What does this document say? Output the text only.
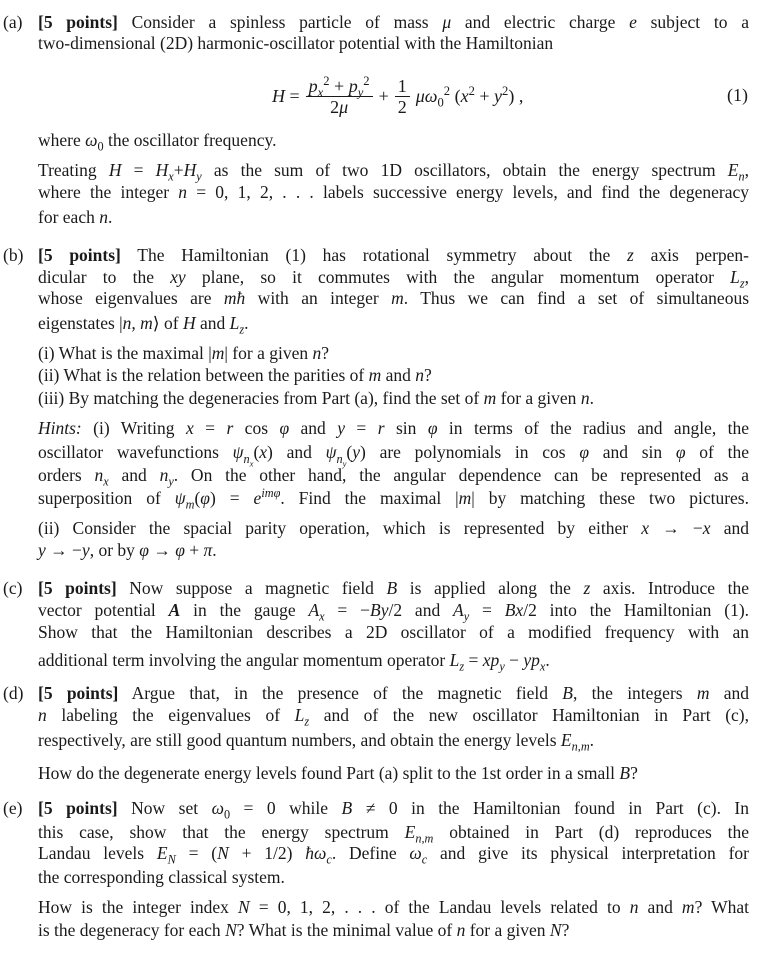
$H = \frac{p_x^2 + p_y^2}{2\mu} + \frac{1}{2} \mu\omega_0^2$ $(x^2 + y^2)$ ,	(1)
(a) [5 points] Consider a spinless particle of mass μ and electric charge e subject to a
two-dimensional (2D) harmonic-oscillator potential with the Hamiltonian
where $\omega_0$ the oscillator frequency.
Treating $H = H_x+H_y$ as the sum of two 1D oscillators, obtain the energy spectrum $E_n$,
where the integer n = 0, 1, 2, . . . labels successive energy levels, and find the degeneracy
for each n.
(b) [5 points] The Hamiltonian (1) has rotational symmetry about the z axis perpen-
dicular to the xy plane, so it commutes with the angular momentum operator $L_z$,
whose eigenvalues are mħ with an integer m. Thus we can find a set of simultaneous
eigenstates |n, m⟩ of H and $L_z$.
(i) What is the maximal |m| for a given n?
(ii) What is the relation between the parities of m and n?
(iii) By matching the degeneracies from Part (a), find the set of m for a given n.
Hints: (i) Writing x = r cos φ and y = r sin φ in terms of the radius and angle, the
oscillator wavefunctions $\psi_{n_x}(x)$ and $\psi_{n_y}(y)$ are polynomials in cos φ and sin φ of the
orders $n_x$ and $n_y$. On the other hand, the angular dependence can be represented as a
superposition of $\psi_m(\varphi) = e^{im\varphi}$. Find the maximal |m| by matching these two pictures.
(ii) Consider the spacial parity operation, which is represented by either x → −x and
y → −y, or by φ → φ + π.
(c) [5 points] Now suppose a magnetic field B is applied along the z axis. Introduce the
vector potential A in the gauge $A_x = -By/2$ and $A_y = Bx/2$ into the Hamiltonian (1).
Show that the Hamiltonian describes a 2D oscillator of a modified frequency with an
additional term involving the angular momentum operator $L_z = xp_y - yp_x$.
(d) [5 points] Argue that, in the presence of the magnetic field B, the integers m and
n labeling the eigenvalues of $L_z$ and of the new oscillator Hamiltonian in Part (c),
respectively, are still good quantum numbers, and obtain the energy levels $E_{n,m}$.
How do the degenerate energy levels found Part (a) split to the 1st order in a small B?
(e) [5 points] Now set $\omega_0 = 0$ while B ≠ 0 in the Hamiltonian found in Part (c). In
this case, show that the energy spectrum $E_{n,m}$ obtained in Part (d) reproduces the
Landau levels $E_N = (N + 1/2)$ $ħ\omega_c$. Define $\omega_c$ and give its physical interpretation for
the corresponding classical system.
How is the integer index N = 0, 1, 2, . . . of the Landau levels related to n and m? What
is the degeneracy for each N? What is the minimal value of n for a given N?
